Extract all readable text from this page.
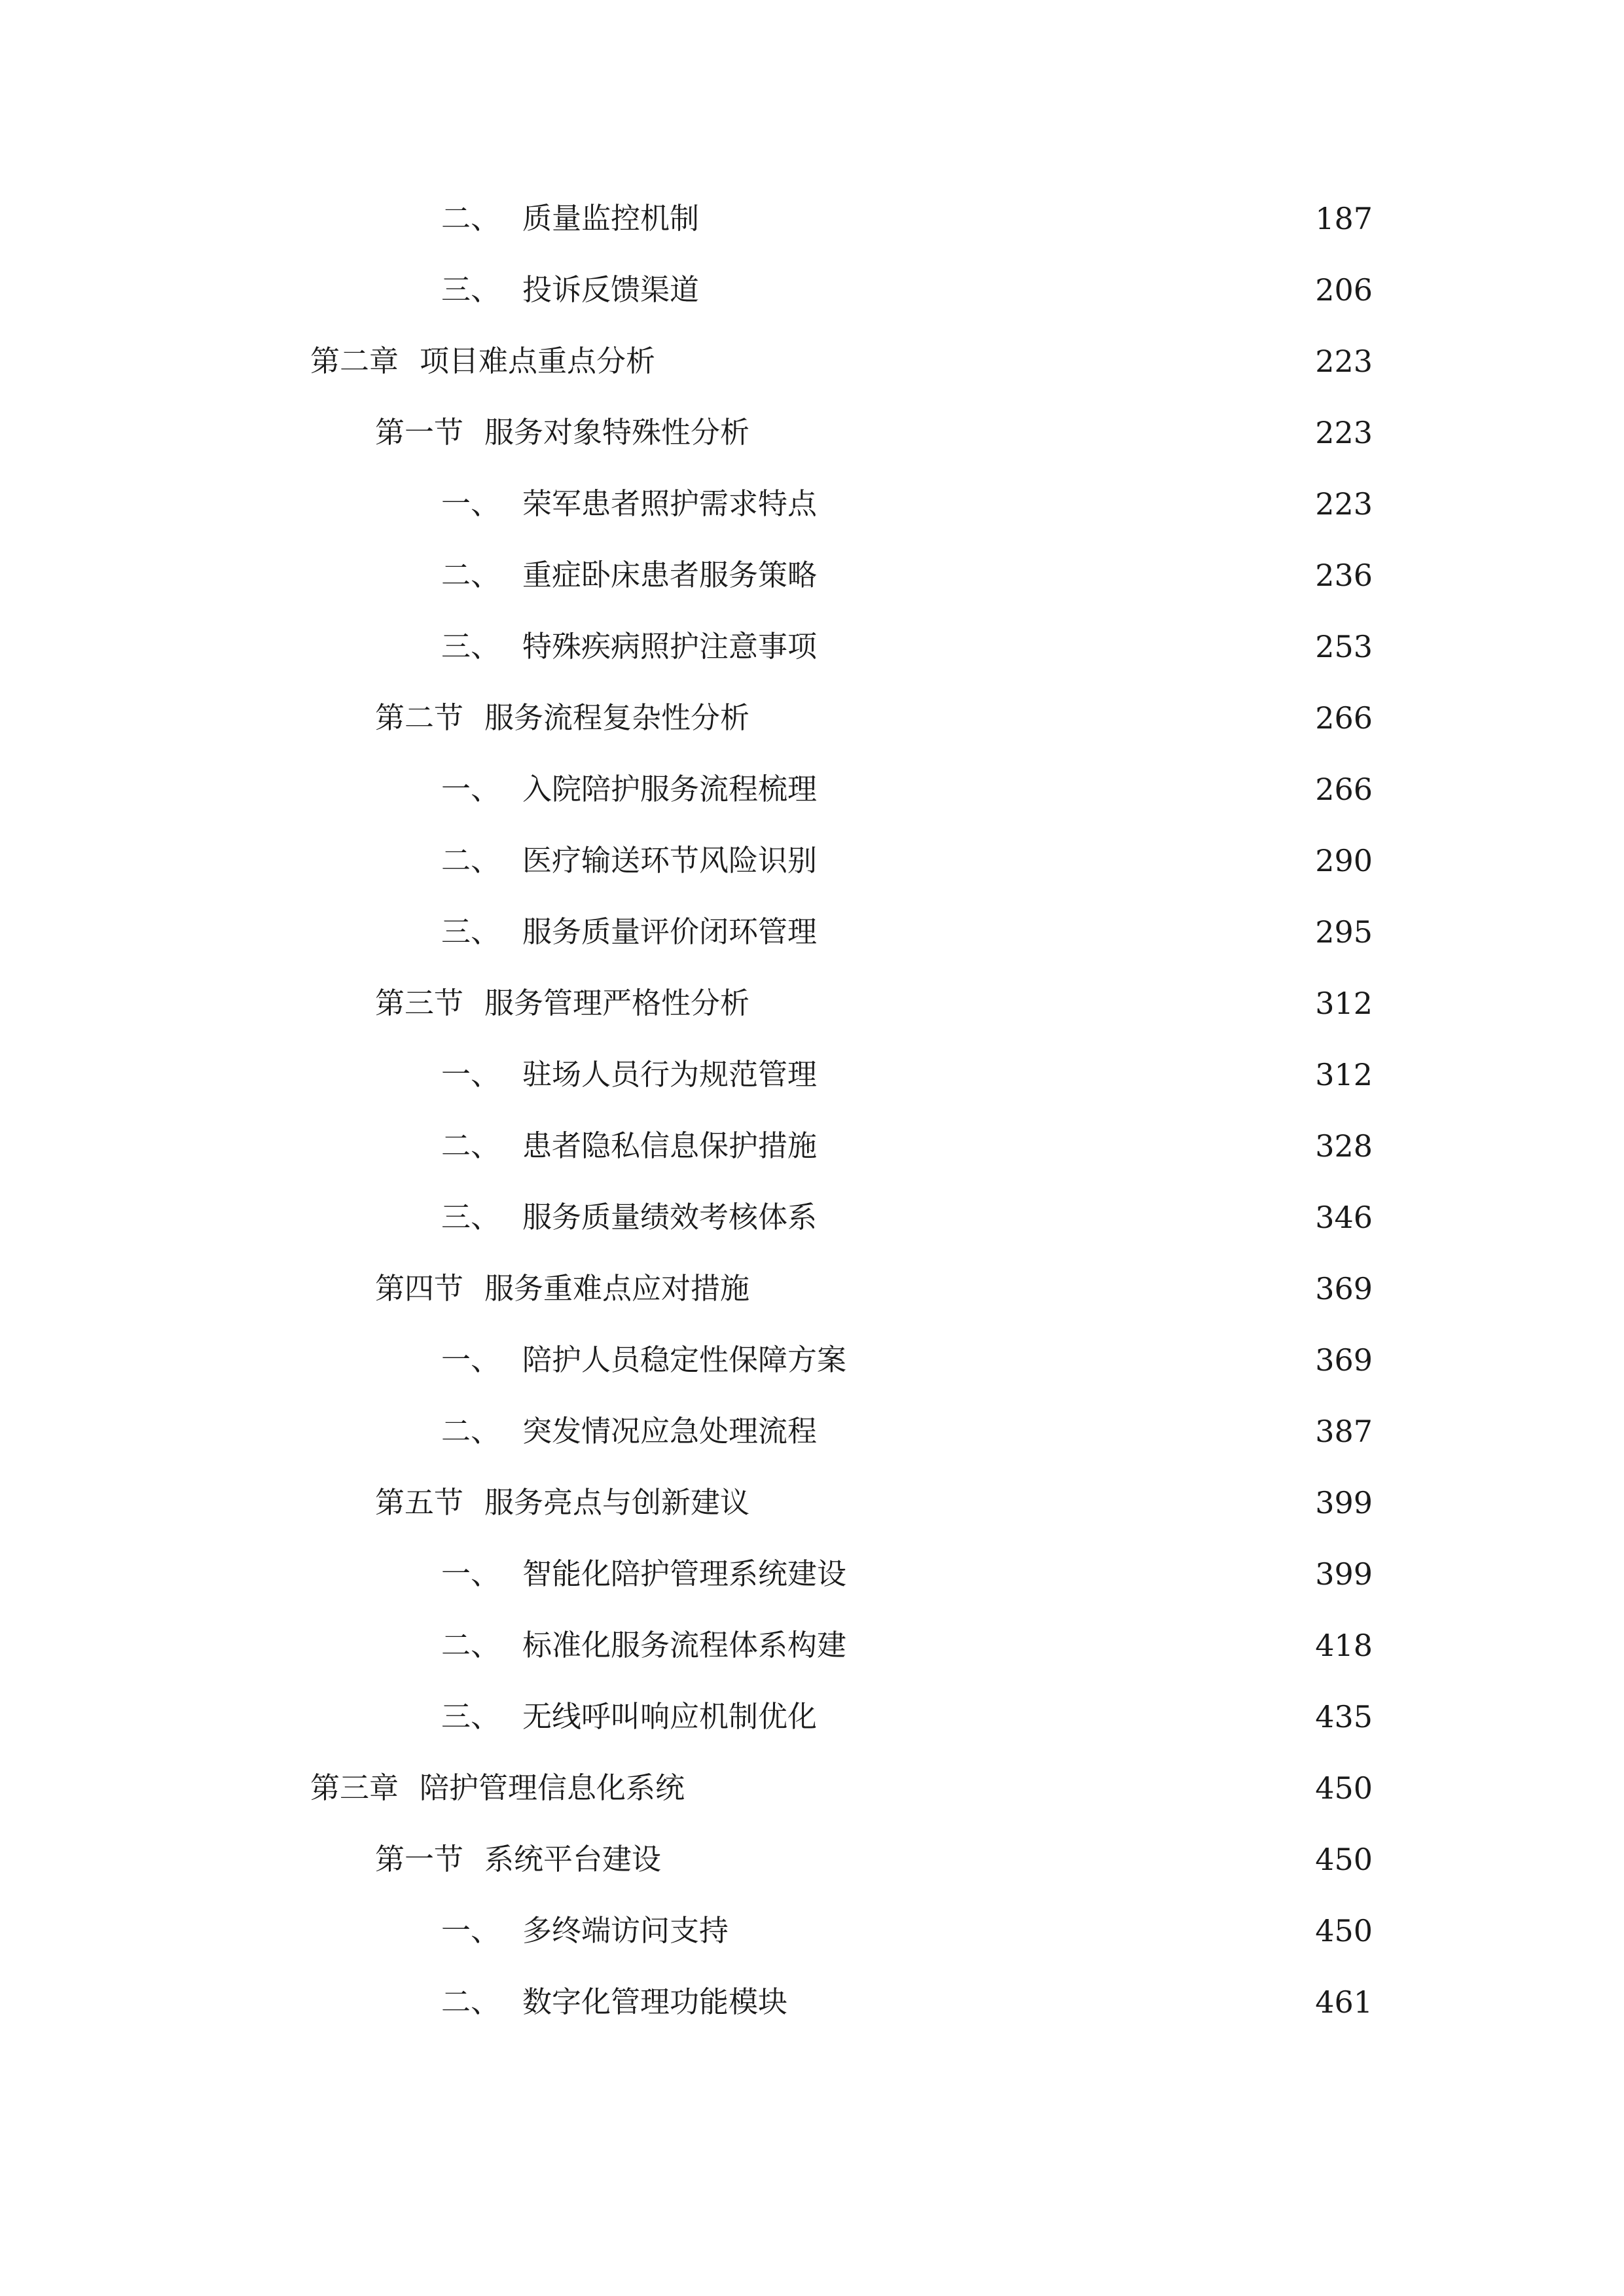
二、 质量监控机制	187
三、 投诉反馈渠道	206
第二章 项目难点重点分析	223
第一节 服务对象特殊性分析	223
一、 荣军患者照护需求特点	223
二、 重症卧床患者服务策略	236
三、 特殊疾病照护注意事项	253
第二节 服务流程复杂性分析	266
一、 入院陪护服务流程梳理	266
二、 医疗输送环节风险识别	290
三、 服务质量评价闭环管理	295
第三节 服务管理严格性分析	312
一、 驻场人员行为规范管理	312
二、 患者隐私信息保护措施	328
三、 服务质量绩效考核体系	346
第四节 服务重难点应对措施	369
一、 陪护人员稳定性保障方案	369
二、 突发情况应急处理流程	387
第五节 服务亮点与创新建议	399
一、 智能化陪护管理系统建设	399
二、 标准化服务流程体系构建	418
三、 无线呼叫响应机制优化	435
第三章 陪护管理信息化系统	450
第一节 系统平台建设	450
一、 多终端访问支持	450
二、 数字化管理功能模块	461
